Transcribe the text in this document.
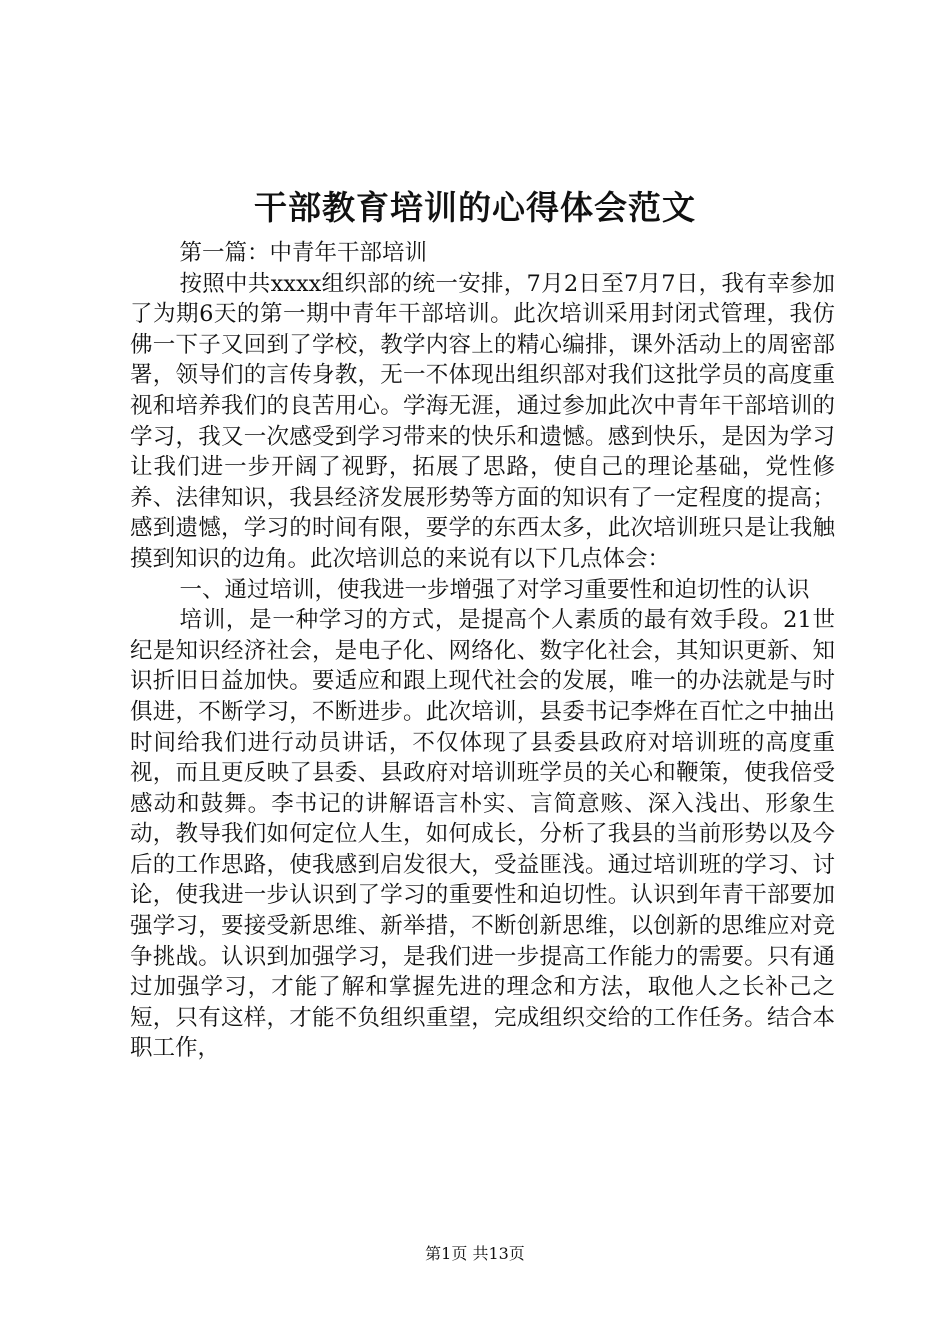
干部教育培训的心得体会范文

第一篇：中青年干部培训

按照中共xxxx组织部的统一安排，7月2日至7月7日，我有幸参加了为期6天的第一期中青年干部培训。此次培训采用封闭式管理，我仿佛一下子又回到了学校，教学内容上的精心编排，课外活动上的周密部署，领导们的言传身教，无一不体现出组织部对我们这批学员的高度重视和培养我们的良苦用心。学海无涯，通过参加此次中青年干部培训的学习，我又一次感受到学习带来的快乐和遗憾。感到快乐，是因为学习让我们进一步开阔了视野，拓展了思路，使自己的理论基础，党性修养、法律知识，我县经济发展形势等方面的知识有了一定程度的提高；感到遗憾，学习的时间有限，要学的东西太多，此次培训班只是让我触摸到知识的边角。此次培训总的来说有以下几点体会：

一、通过培训，使我进一步增强了对学习重要性和迫切性的认识

培训，是一种学习的方式，是提高个人素质的最有效手段。21世纪是知识经济社会，是电子化、网络化、数字化社会，其知识更新、知识折旧日益加快。要适应和跟上现代社会的发展，唯一的办法就是与时俱进，不断学习，不断进步。此次培训，县委书记李烨在百忙之中抽出时间给我们进行动员讲话，不仅体现了县委县政府对培训班的高度重视，而且更反映了县委、县政府对培训班学员的关心和鞭策，使我倍受感动和鼓舞。李书记的讲解语言朴实、言简意赅、深入浅出、形象生动，教导我们如何定位人生，如何成长，分析了我县的当前形势以及今后的工作思路，使我感到启发很大，受益匪浅。通过培训班的学习、讨论，使我进一步认识到了学习的重要性和迫切性。认识到年青干部要加强学习，要接受新思维、新举措，不断创新思维，以创新的思维应对竞争挑战。认识到加强学习，是我们进一步提高工作能力的需要。只有通过加强学习，才能了解和掌握先进的理念和方法，取他人之长补己之短，只有这样，才能不负组织重望，完成组织交给的工作任务。结合本职工作，

第1页 共13页
